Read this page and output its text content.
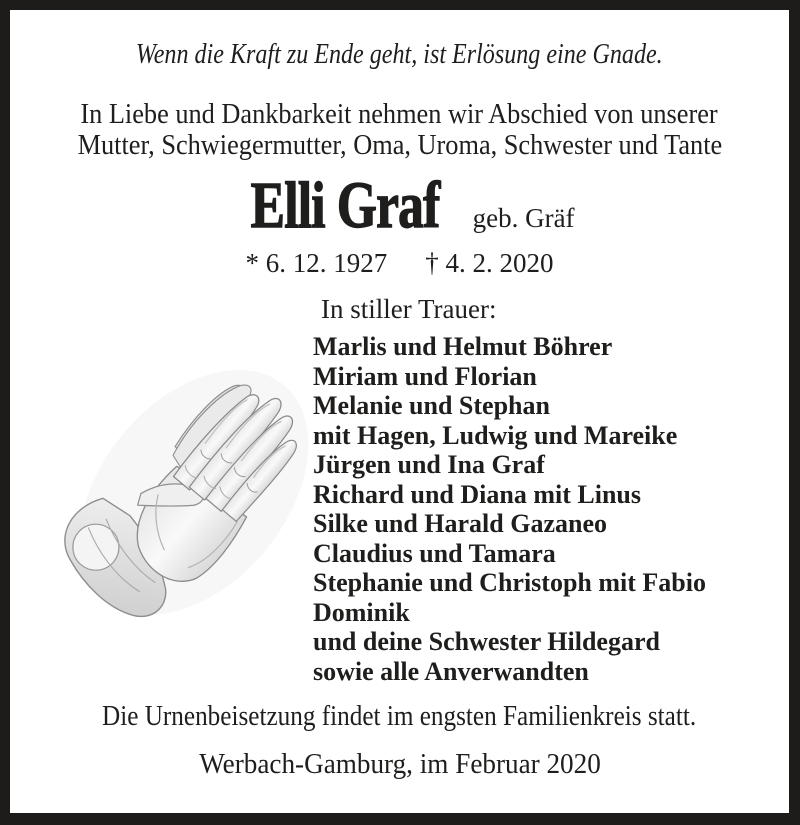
Wenn die Kraft zu Ende geht, ist Erlösung eine Gnade.
In Liebe und Dankbarkeit nehmen wir Abschied von unserer
Mutter, Schwiegermutter, Oma, Uroma, Schwester und Tante
Elli Graf geb. Gräf
* 6. 12. 1927 † 4. 2. 2020
In stiller Trauer:
Marlis und Helmut Böhrer
Miriam und Florian
Melanie und Stephan
mit Hagen, Ludwig und Mareike
Jürgen und Ina Graf
Richard und Diana mit Linus
Silke und Harald Gazaneo
Claudius und Tamara
Stephanie und Christoph mit Fabio
Dominik
und deine Schwester Hildegard
sowie alle Anverwandten
Die Urnenbeisetzung findet im engsten Familienkreis statt.
Werbach-Gamburg, im Februar 2020
